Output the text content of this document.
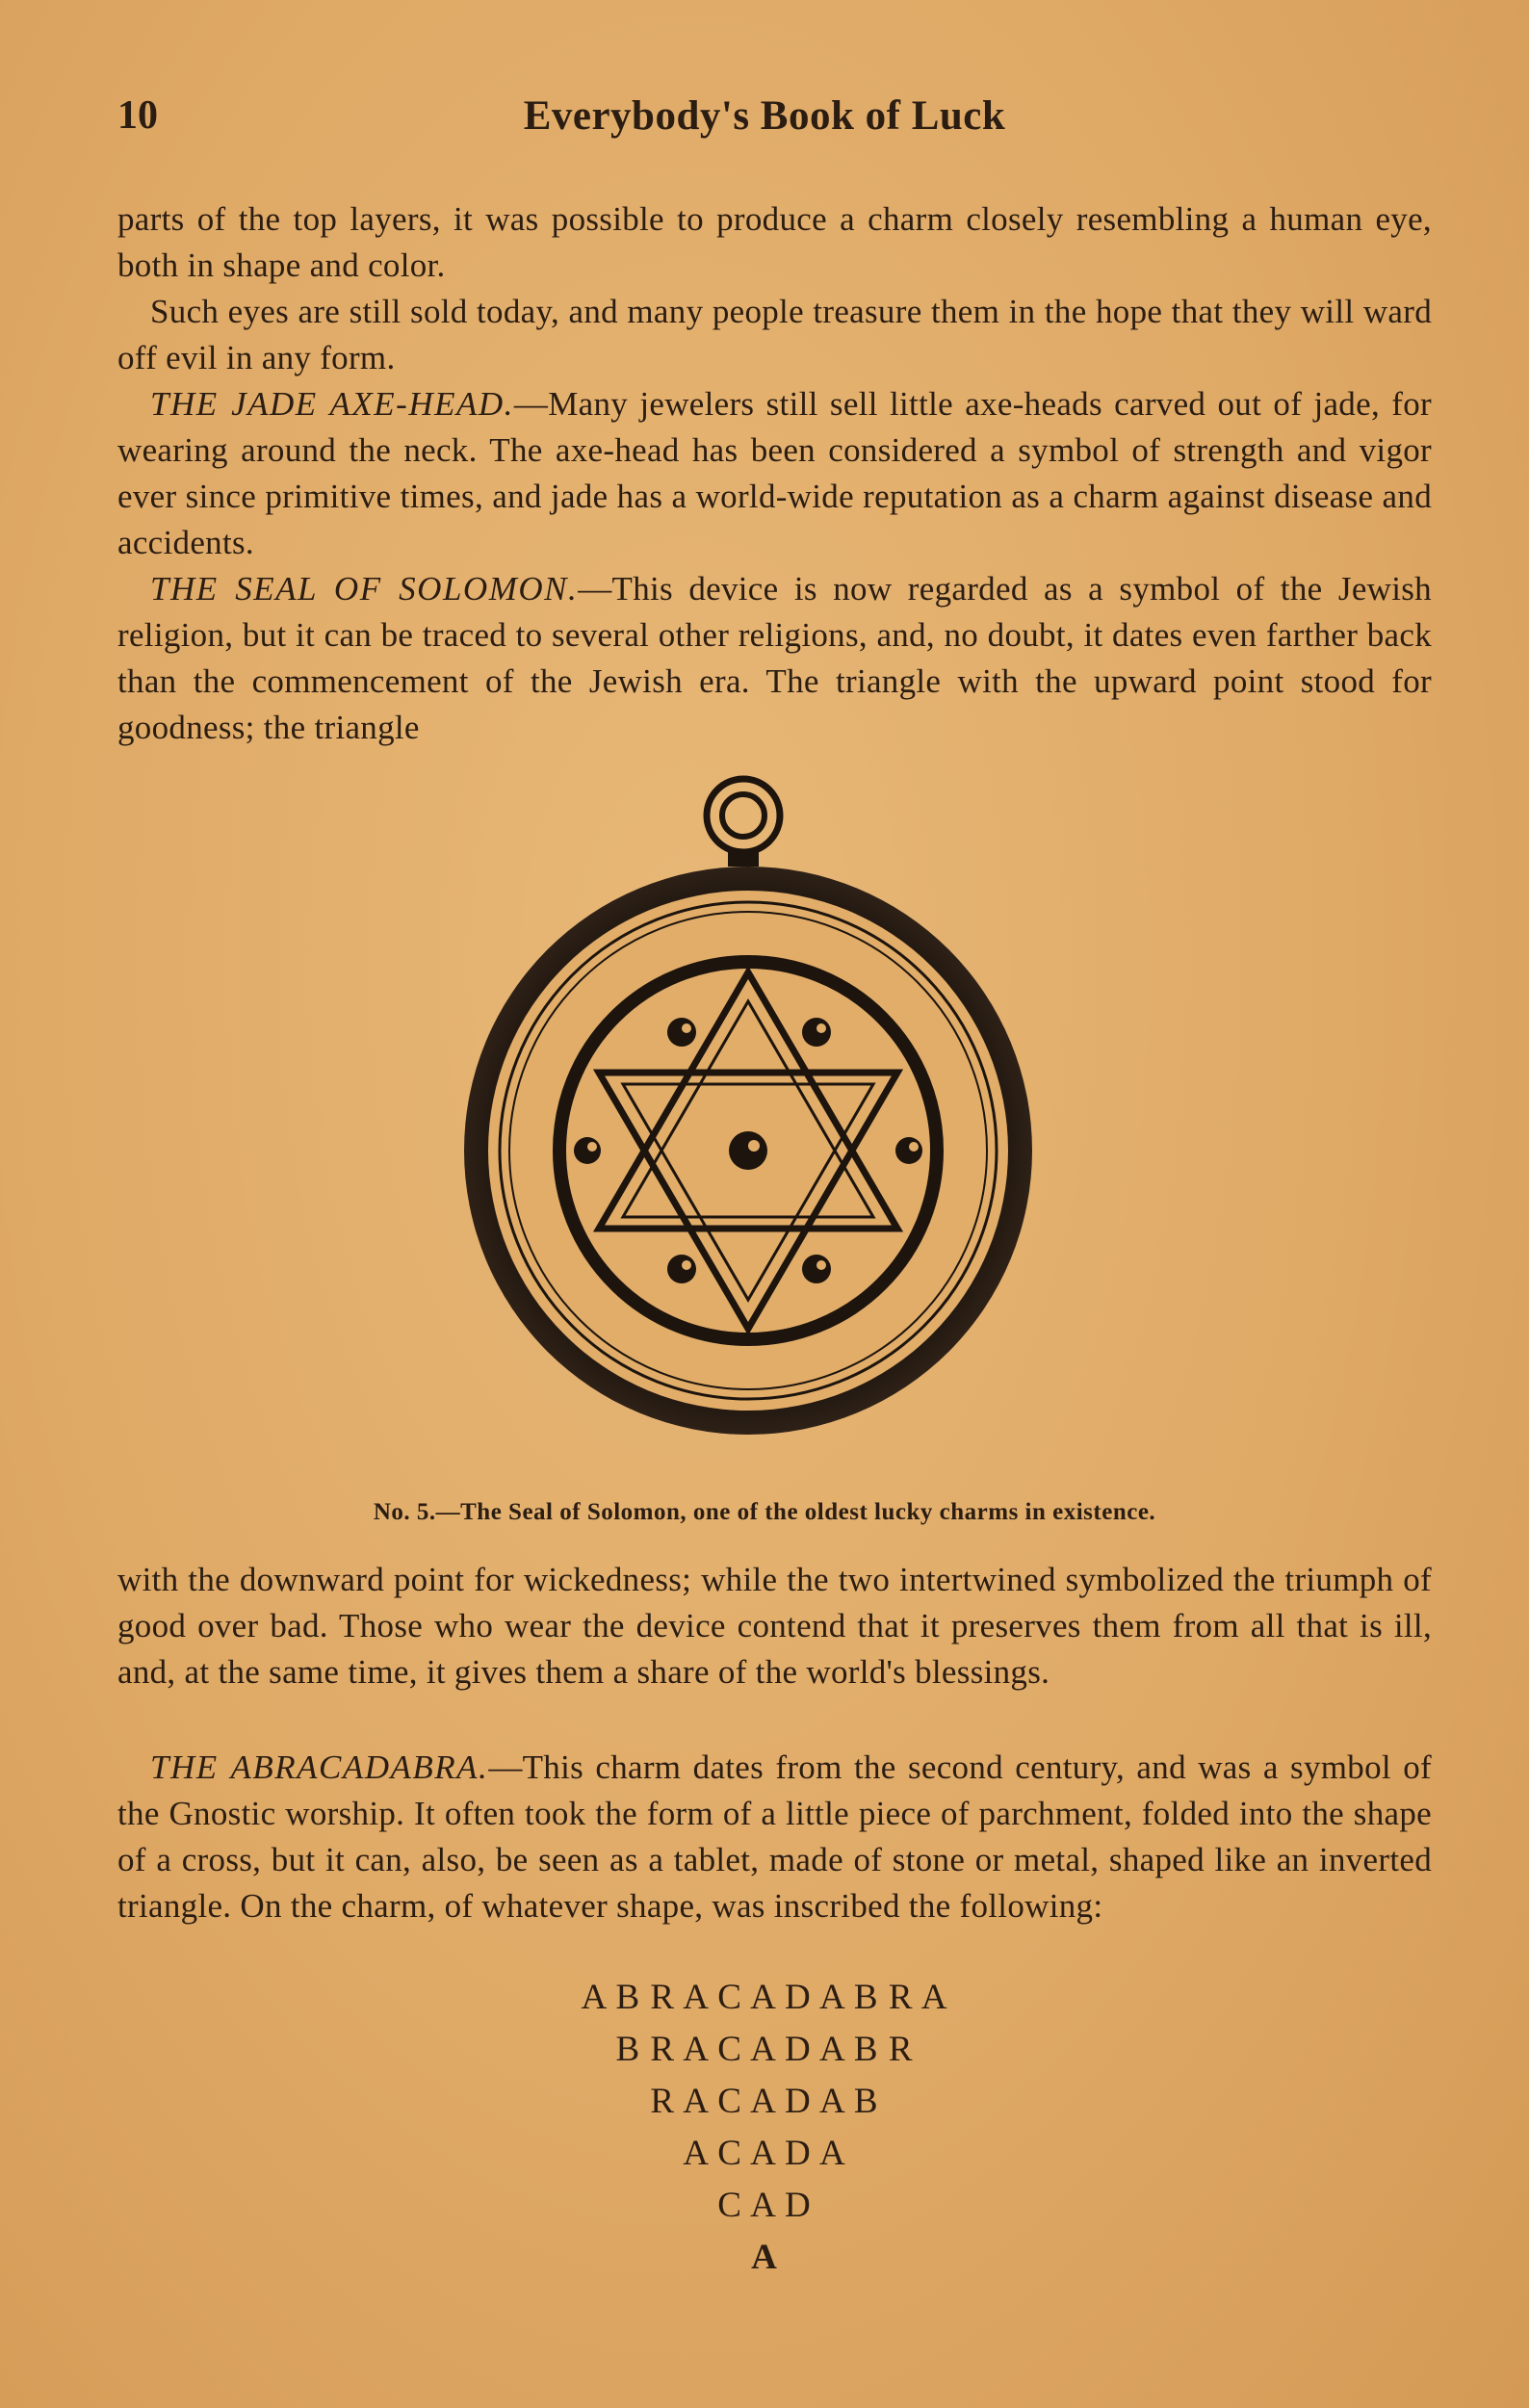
10	Everybody's Book of Luck

parts of the top layers, it was possible to produce a charm closely resembling a human eye, both in shape and color.

Such eyes are still sold today, and many people treasure them in the hope that they will ward off evil in any form.

THE JADE AXE-HEAD.—Many jewelers still sell little axe-heads carved out of jade, for wearing around the neck. The axe-head has been considered a symbol of strength and vigor ever since primitive times, and jade has a world-wide reputation as a charm against disease and accidents.

THE SEAL OF SOLOMON.—This device is now regarded as a symbol of the Jewish religion, but it can be traced to several other religions, and, no doubt, it dates even farther back than the commencement of the Jewish era. The triangle with the upward point stood for goodness; the triangle

No. 5.—The Seal of Solomon, one of the oldest lucky charms in existence.

with the downward point for wickedness; while the two intertwined symbolized the triumph of good over bad. Those who wear the device contend that it preserves them from all that is ill, and, at the same time, it gives them a share of the world's blessings.

THE ABRACADABRA.—This charm dates from the second century, and was a symbol of the Gnostic worship. It often took the form of a little piece of parchment, folded into the shape of a cross, but it can, also, be seen as a tablet, made of stone or metal, shaped like an inverted triangle. On the charm, of whatever shape, was inscribed the following:

A B R A C A D A B R A
B R A C A D A B R
R A C A D A B
A C A D A
C A D
A
